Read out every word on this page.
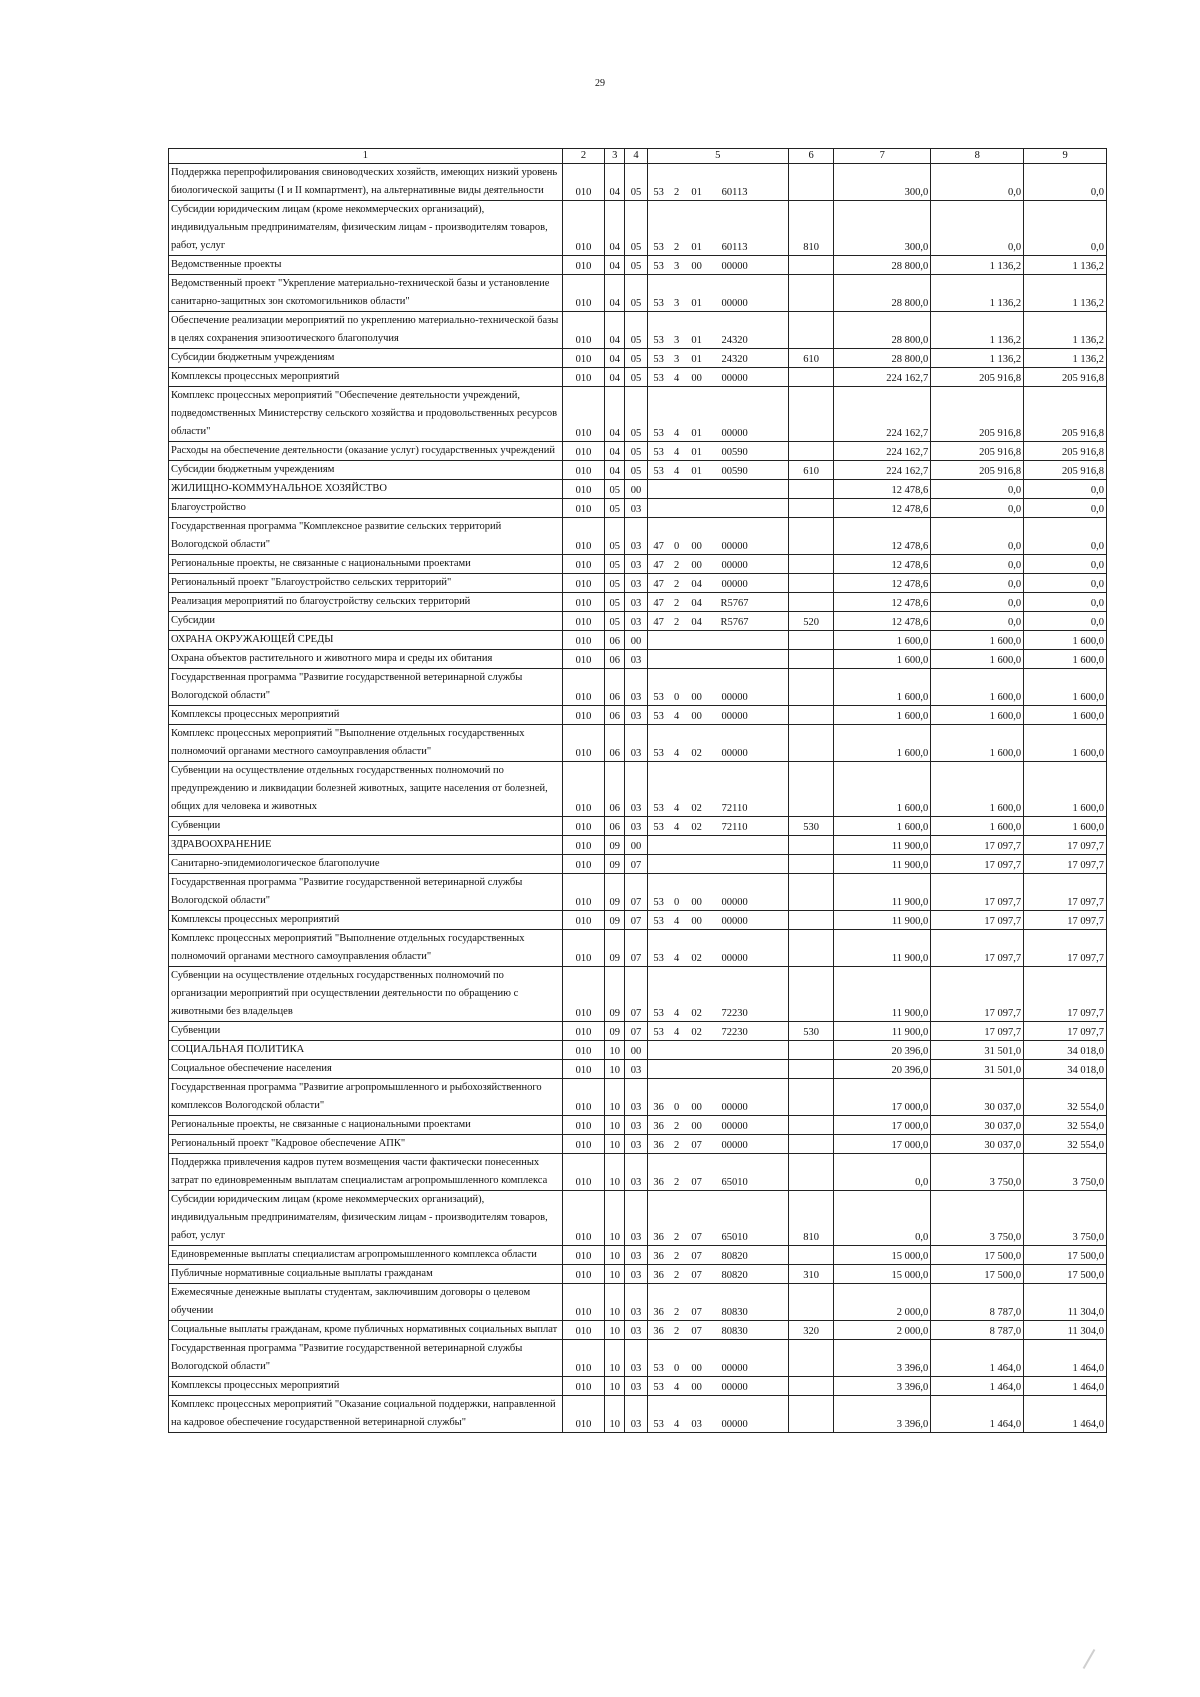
29
1	2	3	4	5	6	7	8	9
Поддержка перепрофилирования свиноводческих хозяйств, имеющих низкий уровень биологической защиты (I и II компартмент), на альтернативные виды деятельности	010	04	05	53 2 01 60113		300,0	0,0	0,0
Субсидии юридическим лицам (кроме некоммерческих организаций), индивидуальным предпринимателям, физическим лицам - производителям товаров, работ, услуг	010	04	05	53 2 01 60113	810	300,0	0,0	0,0
Ведомственные проекты	010	04	05	53 3 00 00000		28 800,0	1 136,2	1 136,2
Ведомственный проект "Укрепление материально-технической базы и установление санитарно-защитных зон скотомогильников области"	010	04	05	53 3 01 00000		28 800,0	1 136,2	1 136,2
Обеспечение реализации мероприятий по укреплению материально-технической базы в целях сохранения эпизоотического благополучия	010	04	05	53 3 01 24320		28 800,0	1 136,2	1 136,2
Субсидии бюджетным учреждениям	010	04	05	53 3 01 24320	610	28 800,0	1 136,2	1 136,2
Комплексы процессных мероприятий	010	04	05	53 4 00 00000		224 162,7	205 916,8	205 916,8
Комплекс процессных мероприятий "Обеспечение деятельности учреждений, подведомственных Министерству сельского хозяйства и продовольственных ресурсов области"	010	04	05	53 4 01 00000		224 162,7	205 916,8	205 916,8
Расходы на обеспечение деятельности (оказание услуг) государственных учреждений	010	04	05	53 4 01 00590		224 162,7	205 916,8	205 916,8
Субсидии бюджетным учреждениям	010	04	05	53 4 01 00590	610	224 162,7	205 916,8	205 916,8
ЖИЛИЩНО-КОММУНАЛЬНОЕ ХОЗЯЙСТВО	010	05	00			12 478,6	0,0	0,0
Благоустройство	010	05	03			12 478,6	0,0	0,0
Государственная программа "Комплексное развитие сельских территорий Вологодской области"	010	05	03	47 0 00 00000		12 478,6	0,0	0,0
Региональные проекты, не связанные с национальными проектами	010	05	03	47 2 00 00000		12 478,6	0,0	0,0
Региональный проект "Благоустройство сельских территорий"	010	05	03	47 2 04 00000		12 478,6	0,0	0,0
Реализация мероприятий по благоустройству сельских территорий	010	05	03	47 2 04 R5767		12 478,6	0,0	0,0
Субсидии	010	05	03	47 2 04 R5767	520	12 478,6	0,0	0,0
ОХРАНА ОКРУЖАЮЩЕЙ СРЕДЫ	010	06	00			1 600,0	1 600,0	1 600,0
Охрана объектов растительного и животного мира и среды их обитания	010	06	03			1 600,0	1 600,0	1 600,0
Государственная программа "Развитие государственной ветеринарной службы Вологодской области"	010	06	03	53 0 00 00000		1 600,0	1 600,0	1 600,0
Комплексы процессных мероприятий	010	06	03	53 4 00 00000		1 600,0	1 600,0	1 600,0
Комплекс процессных мероприятий "Выполнение отдельных государственных полномочий органами местного самоуправления области"	010	06	03	53 4 02 00000		1 600,0	1 600,0	1 600,0
Субвенции на осуществление отдельных государственных полномочий по предупреждению и ликвидации болезней животных, защите населения от болезней, общих для человека и животных	010	06	03	53 4 02 72110		1 600,0	1 600,0	1 600,0
Субвенции	010	06	03	53 4 02 72110	530	1 600,0	1 600,0	1 600,0
ЗДРАВООХРАНЕНИЕ	010	09	00			11 900,0	17 097,7	17 097,7
Санитарно-эпидемиологическое благополучие	010	09	07			11 900,0	17 097,7	17 097,7
Государственная программа "Развитие государственной ветеринарной службы Вологодской области"	010	09	07	53 0 00 00000		11 900,0	17 097,7	17 097,7
Комплексы процессных мероприятий	010	09	07	53 4 00 00000		11 900,0	17 097,7	17 097,7
Комплекс процессных мероприятий "Выполнение отдельных государственных полномочий органами местного самоуправления области"	010	09	07	53 4 02 00000		11 900,0	17 097,7	17 097,7
Субвенции на осуществление отдельных государственных полномочий по организации мероприятий при осуществлении деятельности по обращению с животными без владельцев	010	09	07	53 4 02 72230		11 900,0	17 097,7	17 097,7
Субвенции	010	09	07	53 4 02 72230	530	11 900,0	17 097,7	17 097,7
СОЦИАЛЬНАЯ ПОЛИТИКА	010	10	00			20 396,0	31 501,0	34 018,0
Социальное обеспечение населения	010	10	03			20 396,0	31 501,0	34 018,0
Государственная программа "Развитие агропромышленного и рыбохозяйственного комплексов Вологодской области"	010	10	03	36 0 00 00000		17 000,0	30 037,0	32 554,0
Региональные проекты, не связанные с национальными проектами	010	10	03	36 2 00 00000		17 000,0	30 037,0	32 554,0
Региональный проект "Кадровое обеспечение АПК"	010	10	03	36 2 07 00000		17 000,0	30 037,0	32 554,0
Поддержка привлечения кадров путем возмещения части фактически понесенных затрат по единовременным выплатам специалистам агропромышленного комплекса	010	10	03	36 2 07 65010		0,0	3 750,0	3 750,0
Субсидии юридическим лицам (кроме некоммерческих организаций), индивидуальным предпринимателям, физическим лицам - производителям товаров, работ, услуг	010	10	03	36 2 07 65010	810	0,0	3 750,0	3 750,0
Единовременные выплаты специалистам агропромышленного комплекса области	010	10	03	36 2 07 80820		15 000,0	17 500,0	17 500,0
Публичные нормативные социальные выплаты гражданам	010	10	03	36 2 07 80820	310	15 000,0	17 500,0	17 500,0
Ежемесячные денежные выплаты студентам, заключившим договоры о целевом обучении	010	10	03	36 2 07 80830		2 000,0	8 787,0	11 304,0
Социальные выплаты гражданам, кроме публичных нормативных социальных выплат	010	10	03	36 2 07 80830	320	2 000,0	8 787,0	11 304,0
Государственная программа "Развитие государственной ветеринарной службы Вологодской области"	010	10	03	53 0 00 00000		3 396,0	1 464,0	1 464,0
Комплексы процессных мероприятий	010	10	03	53 4 00 00000		3 396,0	1 464,0	1 464,0
Комплекс процессных мероприятий "Оказание социальной поддержки, направленной на кадровое обеспечение государственной ветеринарной службы"	010	10	03	53 4 03 00000		3 396,0	1 464,0	1 464,0
